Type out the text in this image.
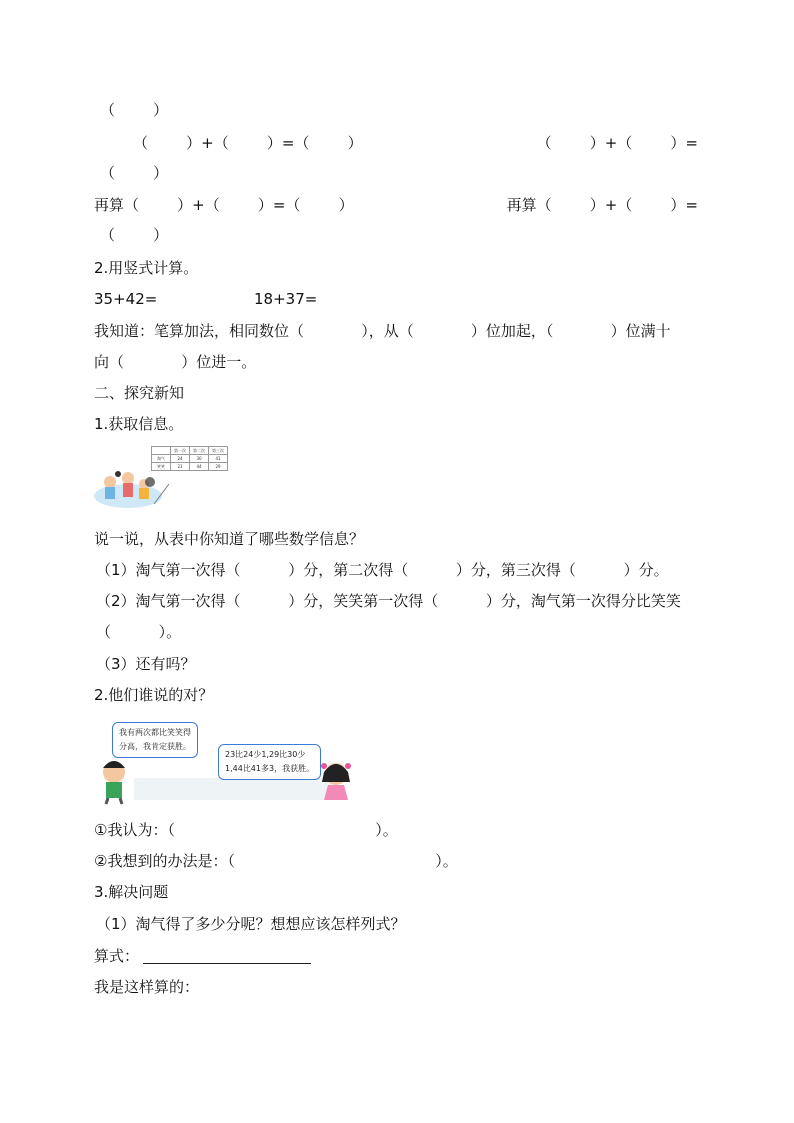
（        ）
（        ）+（        ）=（        ）	（        ）+（        ）=
（        ）
再算（        ）+（        ）=（        ）	再算（        ）+（        ）=
（        ）
2.用竖式计算。
35+42=	18+37=
我知道：笔算加法，相同数位（            ），从（            ）位加起，（            ）位满十
向（            ）位进一。
二、探究新知
1.获取信息。
	第一次	第二次	第三次
淘气	24	30	41
笑笑	23	44	29
说一说，从表中你知道了哪些数学信息？
（1）淘气第一次得（          ）分，第二次得（          ）分，第三次得（          ）分。
（2）淘气第一次得（          ）分，笑笑第一次得（          ）分，淘气第一次得分比笑笑
（          ）。
（3）还有吗？
2.他们谁说的对？
我有两次都比笑笑得
分高，我肯定获胜。
23比24少1,29比30少
1,44比41多3，我获胜。
①我认为：（                                          ）。
②我想到的办法是：（                                          ）。
3.解决问题
（1）淘气得了多少分呢？想想应该怎样列式？
算式：
我是这样算的：
